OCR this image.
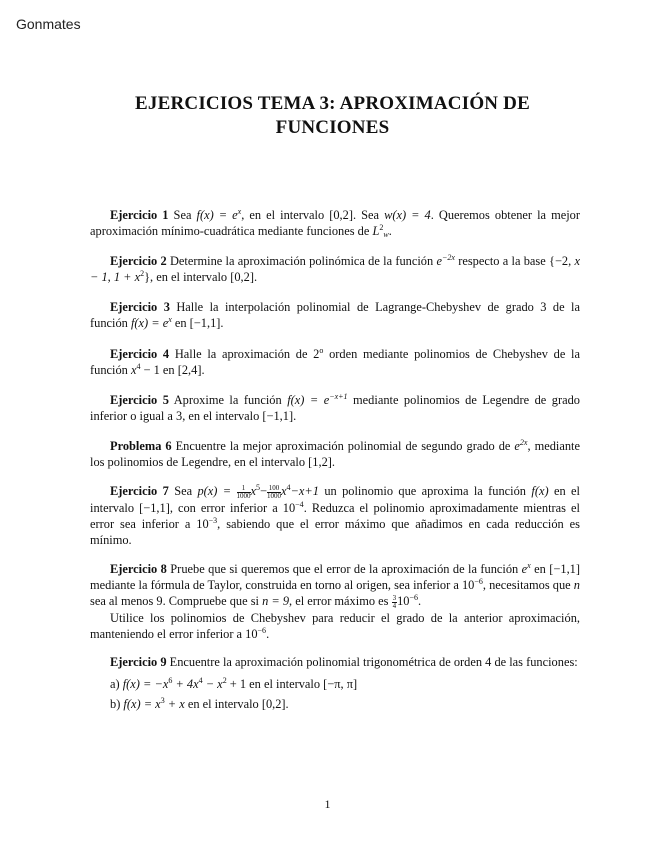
Gonmates
EJERCICIOS TEMA 3: APROXIMACIÓN DE FUNCIONES
Ejercicio 1 Sea $f(x) = e^x$, en el intervalo [0,2]. Sea w(x) = 4. Queremos obtener la mejor aproximación mínimo-cuadrática mediante funciones de $L^2_w$.
Ejercicio 2 Determine la aproximación polinómica de la función $e^{-2x}$ respecto a la base {−2, x − 1, $1 + x^2$}, en el intervalo [0,2].
Ejercicio 3 Halle la interpolación polinomial de Lagrange-Chebyshev de grado 3 de la función $f(x) = e^x$ en [−1,1].
Ejercicio 4 Halle la aproximación de 2$^o$ orden mediante polinomios de Chebyshev de la función $x^4 - 1$ en [2,4].
Ejercicio 5 Aproxime la función $f(x) = e^{-x+1}$ mediante polinomios de Legendre de grado inferior o igual a 3, en el intervalo [−1,1].
Problema 6 Encuentre la mejor aproximación polinomial de segundo grado de $e^{2x}$, mediante los polinomios de Legendre, en el intervalo [1,2].
Ejercicio 7 Sea $p(x) = \frac{1}{1000} x^5- \frac{100}{1000} x^4-x+1$ un polinomio que aproxima la función f(x) en el intervalo [−1,1], con error inferior a $10^{-4}$. Reduzca el polinomio aproximadamente mientras el error sea inferior a $10^{-3}$, sabiendo que el error máximo que añadimos en cada reducción es mínimo.
Ejercicio 8 Pruebe que si queremos que el error de la aproximación de la función $e^x$ en [−1,1] mediante la fórmula de Taylor, construida en torno al origen, sea inferior a $10^{-6}$, necesitamos que n sea al menos 9. Compruebe que si n = 9, el error máximo es $\frac{3}{4} 10^{-6}$.
Utilice los polinomios de Chebyshev para reducir el grado de la anterior aproximación, manteniendo el error inferior a $10^{-6}$.
Ejercicio 9 Encuentre la aproximación polinomial trigonométrica de orden 4 de las funciones:
a) $f(x) = -x^6 + 4x^4 - x^2 + 1$ en el intervalo [−π, π]
b) $f(x) = x^3 + x$ en el intervalo [0,2].
1
